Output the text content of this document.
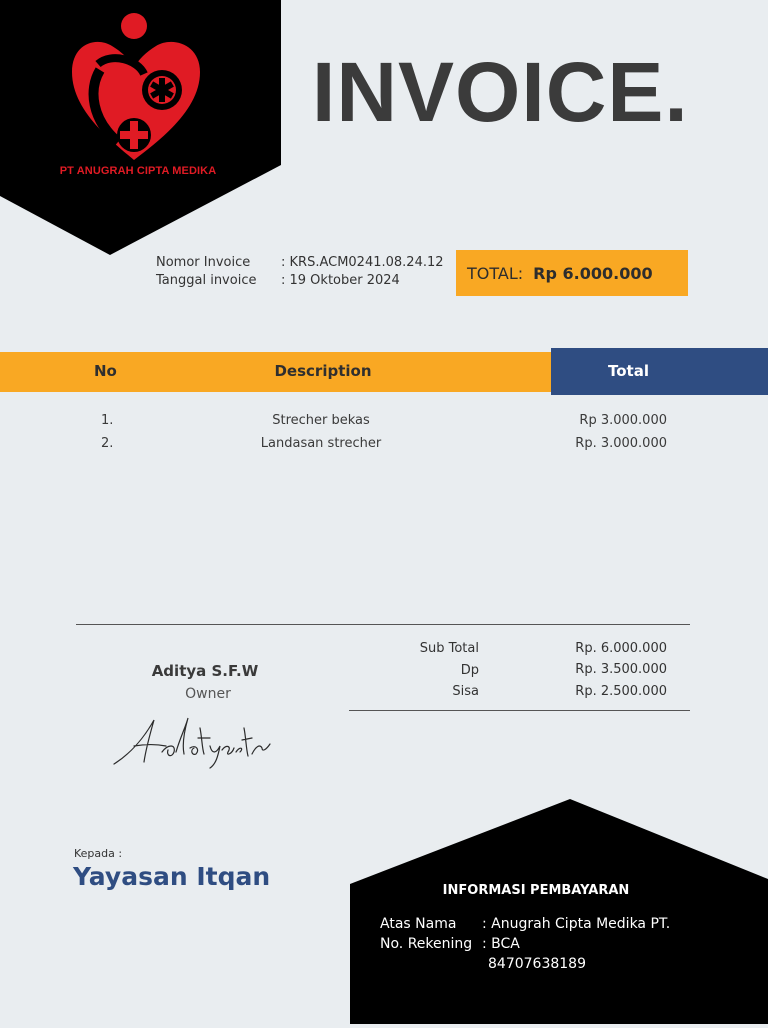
PT ANUGRAH CIPTA MEDIKA
INVOICE.
Nomor Invoice : KRS.ACM0241.08.24.12
Tanggal invoice : 19 Oktober 2024	TOTAL: Rp 6.000.000
No	Description	Total
1.	Strecher bekas	Rp 3.000.000
2.	Landasan strecher	Rp. 3.000.000
Aditya S.F.W
Owner
Sub Total	Rp. 6.000.000
Dp	Rp. 3.500.000
Sisa	Rp. 2.500.000
Kepada :
Yayasan Itqan	INFORMASI PEMBAYARAN
Atas Nama : Anugrah Cipta Medika PT.
No. Rekening : BCA
84707638189
